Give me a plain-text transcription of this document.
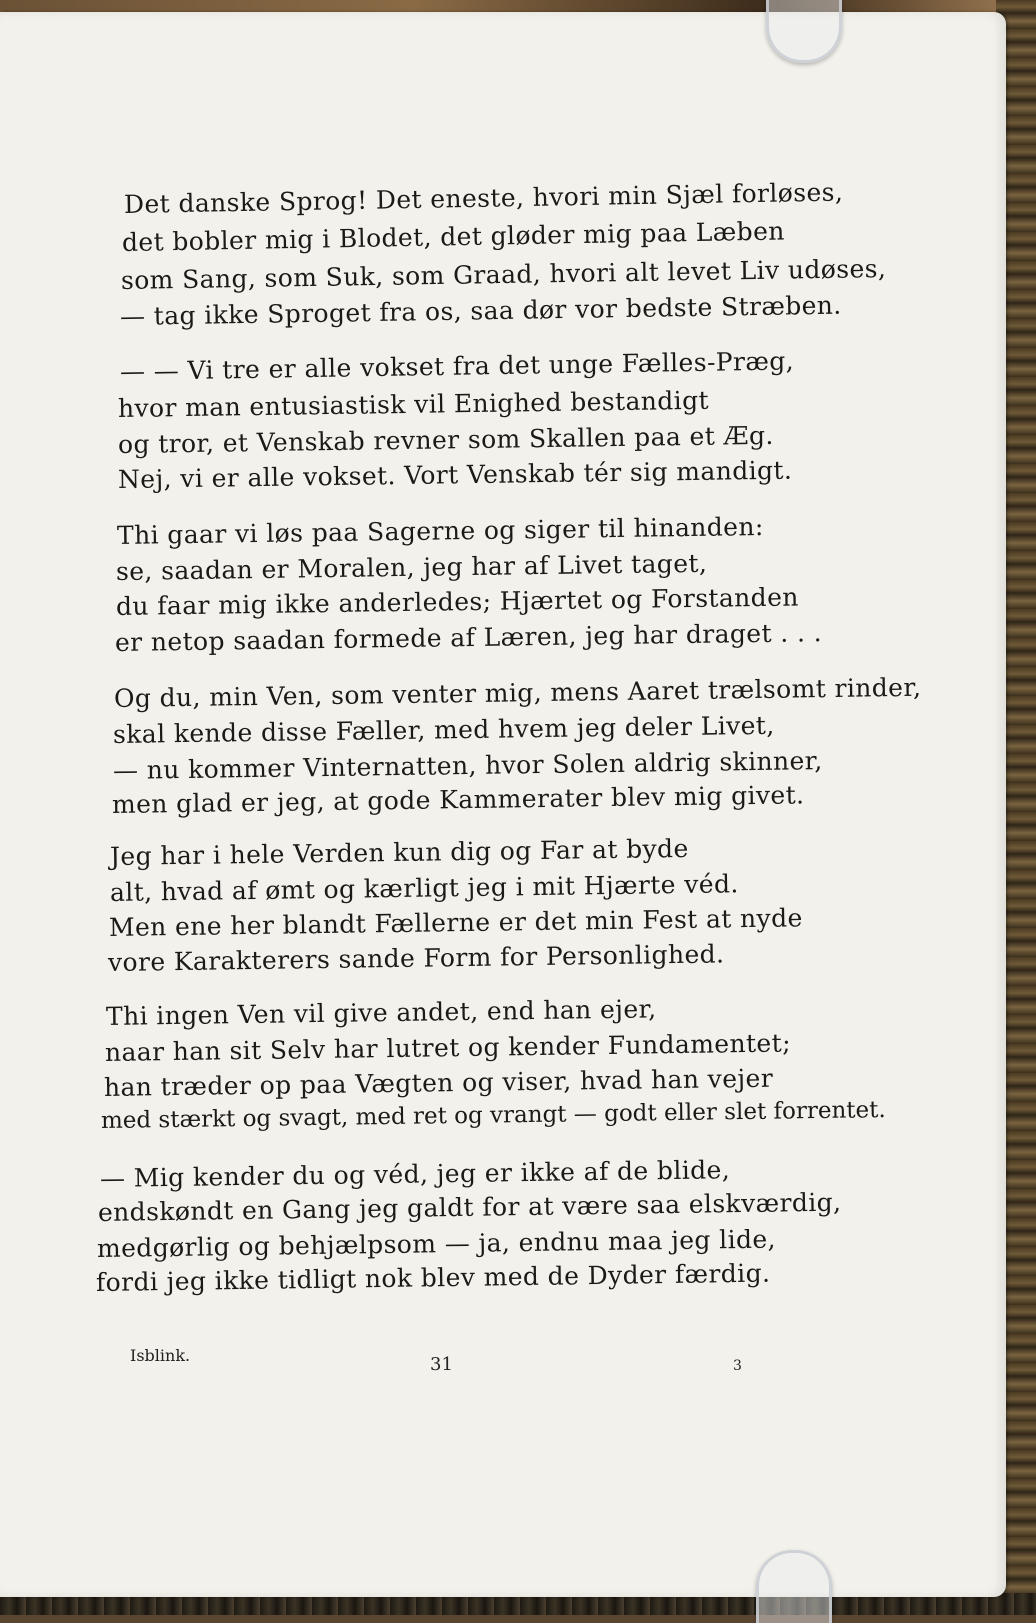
Det danske Sprog! Det eneste, hvori min Sjæl forløses,
det bobler mig i Blodet, det gløder mig paa Læben
som Sang, som Suk, som Graad, hvori alt levet Liv udøses,
— tag ikke Sproget fra os, saa dør vor bedste Stræben.
— — Vi tre er alle vokset fra det unge Fælles-Præg,
hvor man entusiastisk vil Enighed bestandigt
og tror, et Venskab revner som Skallen paa et Æg.
Nej, vi er alle vokset. Vort Venskab tér sig mandigt.
Thi gaar vi løs paa Sagerne og siger til hinanden:
se, saadan er Moralen, jeg har af Livet taget,
du faar mig ikke anderledes; Hjærtet og Forstanden
er netop saadan formede af Læren, jeg har draget . . .
Og du, min Ven, som venter mig, mens Aaret trælsomt rinder,
skal kende disse Fæller, med hvem jeg deler Livet,
— nu kommer Vinternatten, hvor Solen aldrig skinner,
men glad er jeg, at gode Kammerater blev mig givet.
Jeg har i hele Verden kun dig og Far at byde
alt, hvad af ømt og kærligt jeg i mit Hjærte véd.
Men ene her blandt Fællerne er det min Fest at nyde
vore Karakterers sande Form for Personlighed.
Thi ingen Ven vil give andet, end han ejer,
naar han sit Selv har lutret og kender Fundamentet;
han træder op paa Vægten og viser, hvad han vejer
med stærkt og svagt, med ret og vrangt — godt eller slet forrentet.
— Mig kender du og véd, jeg er ikke af de blide,
endskøndt en Gang jeg galdt for at være saa elskværdig,
medgørlig og behjælpsom — ja, endnu maa jeg lide,
fordi jeg ikke tidligt nok blev med de Dyder færdig.
Isblink.	31	3
